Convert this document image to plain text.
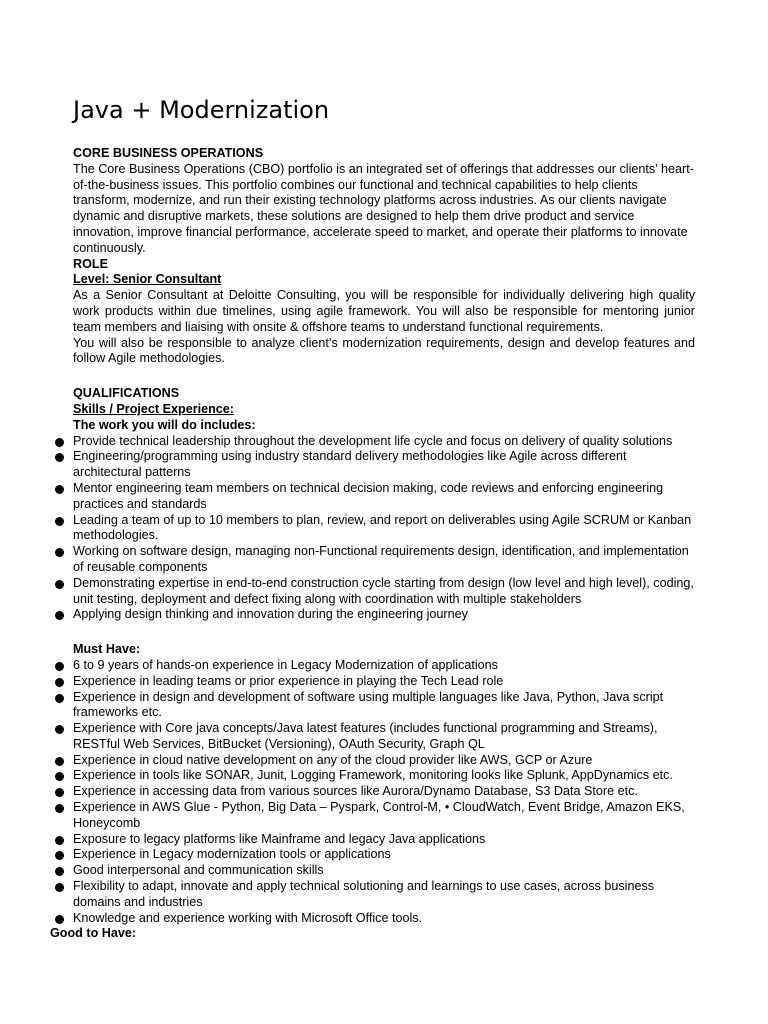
Java + Modernization

CORE BUSINESS OPERATIONS

The Core Business Operations (CBO) portfolio is an integrated set of offerings that addresses our clients’ heart-of-the-business issues. This portfolio combines our functional and technical capabilities to help clients transform, modernize, and run their existing technology platforms across industries. As our clients navigate dynamic and disruptive markets, these solutions are designed to help them drive product and service innovation, improve financial performance, accelerate speed to market, and operate their platforms to innovate continuously.

ROLE

Level: Senior Consultant

As a Senior Consultant at Deloitte Consulting, you will be responsible for individually delivering high quality work products within due timelines, using agile framework. You will also be responsible for mentoring junior team members and liaising with onsite & offshore teams to understand functional requirements.

You will also be responsible to analyze client’s modernization requirements, design and develop features and follow Agile methodologies.

QUALIFICATIONS

Skills / Project Experience:

The work you will do includes:

Provide technical leadership throughout the development life cycle and focus on delivery of quality solutions
Engineering/programming using industry standard delivery methodologies like Agile across different architectural patterns
Mentor engineering team members on technical decision making, code reviews and enforcing engineering practices and standards
Leading a team of up to 10 members to plan, review, and report on deliverables using Agile SCRUM or Kanban methodologies.
Working on software design, managing non-Functional requirements design, identification, and implementation of reusable components
Demonstrating expertise in end-to-end construction cycle starting from design (low level and high level), coding, unit testing, deployment and defect fixing along with coordination with multiple stakeholders
Applying design thinking and innovation during the engineering journey

Must Have:

6 to 9 years of hands-on experience in Legacy Modernization of applications
Experience in leading teams or prior experience in playing the Tech Lead role
Experience in design and development of software using multiple languages like Java, Python, Java script frameworks etc.
Experience with Core java concepts/Java latest features (includes functional programming and Streams), RESTful Web Services, BitBucket (Versioning), OAuth Security, Graph QL
Experience in cloud native development on any of the cloud provider like AWS, GCP or Azure
Experience in tools like SONAR, Junit, Logging Framework, monitoring looks like Splunk, AppDynamics etc.
Experience in accessing data from various sources like Aurora/Dynamo Database, S3 Data Store etc.
Experience in AWS Glue - Python, Big Data – Pyspark, Control-M, • CloudWatch, Event Bridge, Amazon EKS, Honeycomb
Exposure to legacy platforms like Mainframe and legacy Java applications
Experience in Legacy modernization tools or applications
Good interpersonal and communication skills
Flexibility to adapt, innovate and apply technical solutioning and learnings to use cases, across business domains and industries
Knowledge and experience working with Microsoft Office tools.

Good to Have:
